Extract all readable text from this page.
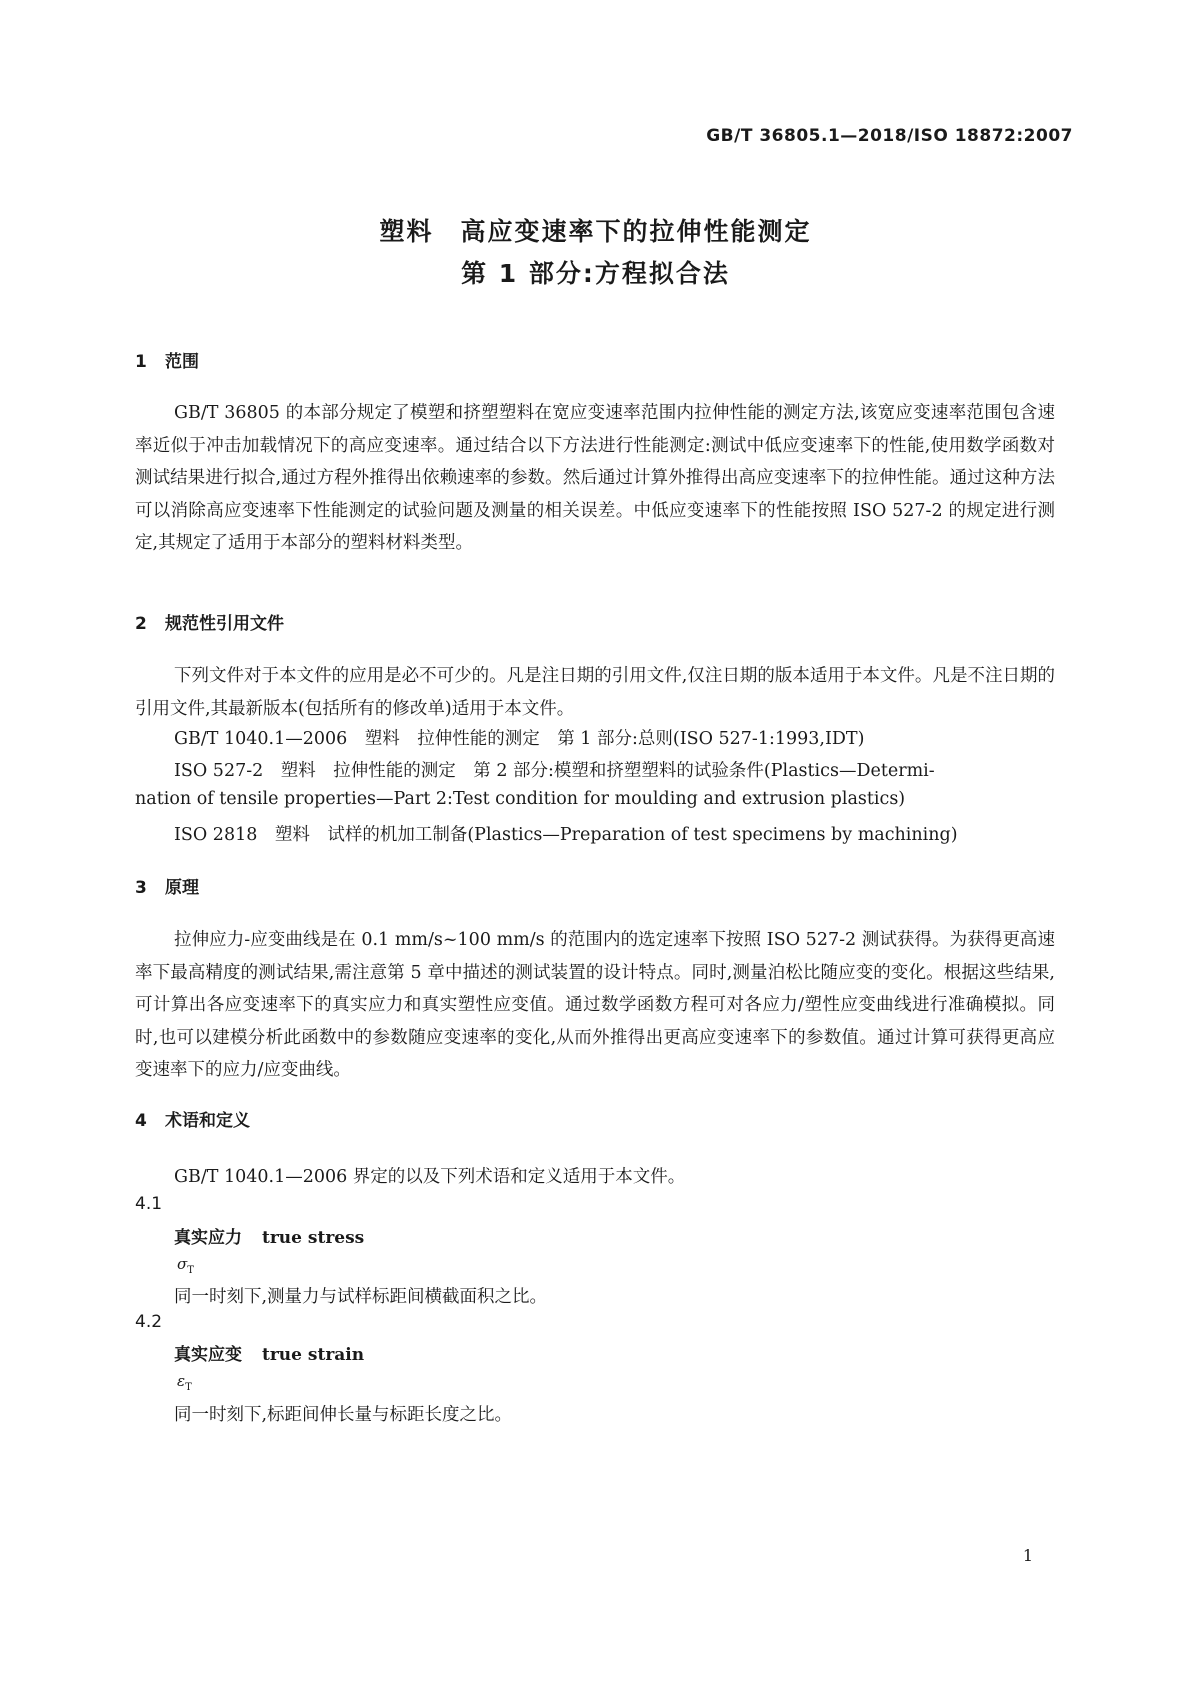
GB/T 36805.1—2018/ISO 18872:2007
塑料　高应变速率下的拉伸性能测定
第 1 部分:方程拟合法
1 范围
GB/T 36805 的本部分规定了模塑和挤塑塑料在宽应变速率范围内拉伸性能的测定方法,该宽应变速率范围包含速率近似于冲击加载情况下的高应变速率。通过结合以下方法进行性能测定:测试中低应变速率下的性能,使用数学函数对测试结果进行拟合,通过方程外推得出依赖速率的参数。然后通过计算外推得出高应变速率下的拉伸性能。通过这种方法可以消除高应变速率下性能测定的试验问题及测量的相关误差。中低应变速率下的性能按照 ISO 527-2 的规定进行测定,其规定了适用于本部分的塑料材料类型。
2 规范性引用文件
下列文件对于本文件的应用是必不可少的。凡是注日期的引用文件,仅注日期的版本适用于本文件。凡是不注日期的引用文件,其最新版本(包括所有的修改单)适用于本文件。
GB/T 1040.1—2006　塑料　拉伸性能的测定　第 1 部分:总则(ISO 527-1:1993,IDT)
ISO 527-2　塑料　拉伸性能的测定　第 2 部分:模塑和挤塑塑料的试验条件(Plastics—Determi-
nation of tensile properties—Part 2:Test condition for moulding and extrusion plastics)
ISO 2818　塑料　试样的机加工制备(Plastics—Preparation of test specimens by machining)
3 原理
拉伸应力-应变曲线是在 0.1 mm/s~100 mm/s 的范围内的选定速率下按照 ISO 527-2 测试获得。为获得更高速率下最高精度的测试结果,需注意第 5 章中描述的测试装置的设计特点。同时,测量泊松比随应变的变化。根据这些结果,可计算出各应变速率下的真实应力和真实塑性应变值。通过数学函数方程可对各应力/塑性应变曲线进行准确模拟。同时,也可以建模分析此函数中的参数随应变速率的变化,从而外推得出更高应变速率下的参数值。通过计算可获得更高应变速率下的应力/应变曲线。
4 术语和定义
GB/T 1040.1—2006 界定的以及下列术语和定义适用于本文件。
4.1
真实应力 true stress
$\sigma_T$
同一时刻下,测量力与试样标距间横截面积之比。
4.2
真实应变 true strain
$\varepsilon_T$
同一时刻下,标距间伸长量与标距长度之比。
1
